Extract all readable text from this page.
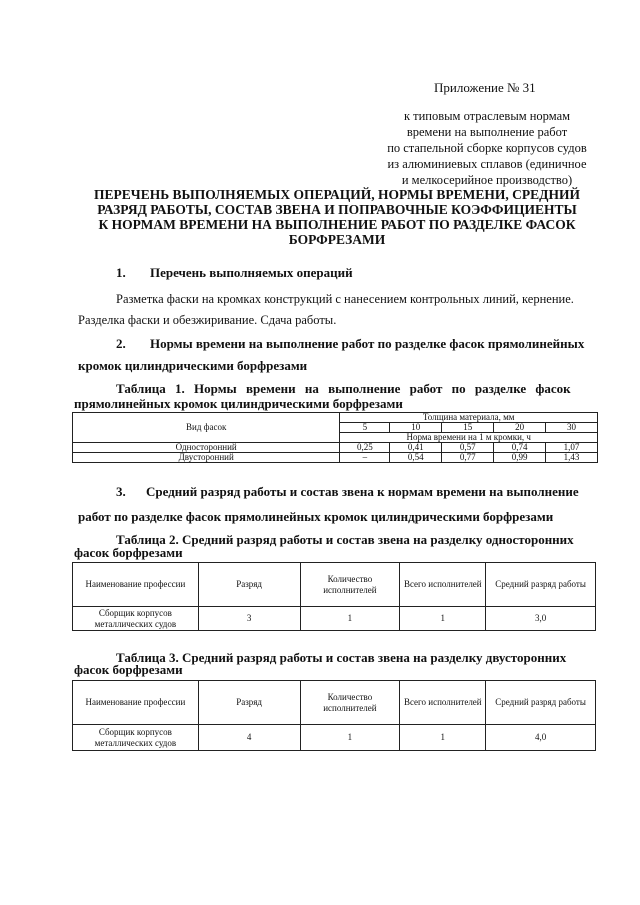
Приложение № 31
к типовым отраслевым нормам
времени на выполнение работ
по стапельной сборке корпусов судов
из алюминиевых сплавов (единичное
и мелкосерийное производство)
ПЕРЕЧЕНЬ ВЫПОЛНЯЕМЫХ ОПЕРАЦИЙ, НОРМЫ ВРЕМЕНИ, СРЕДНИЙ
РАЗРЯД РАБОТЫ, СОСТАВ ЗВЕНА И ПОПРАВОЧНЫЕ КОЭФФИЦИЕНТЫ
К НОРМАМ ВРЕМЕНИ НА ВЫПОЛНЕНИЕ РАБОТ ПО РАЗДЕЛКЕ ФАСОК
БОРФРЕЗАМИ
1. Перечень выполняемых операций
Разметка фаски на кромках конструкций с нанесением контрольных линий, кернение.
Разделка фаски и обезжиривание. Сдача работы.
2. Нормы времени на выполнение работ по разделке фасок прямолинейных
кромок цилиндрическими борфрезами
Таблица 1. Нормы времени на выполнение работ по разделке фасок
прямолинейных кромок цилиндрическими борфрезами
Вид фасок	Толщина материала, мм				
	5	10	15	20	30
	Норма времени на 1 м кромки, ч				
Односторонний	0,25	0,41	0,57	0,74	1,07
Двусторонний	–	0,54	0,77	0,99	1,43
3. Средний разряд работы и состав звена к нормам времени на выполнение
работ по разделке фасок прямолинейных кромок цилиндрическими борфрезами
Таблица 2. Средний разряд работы и состав звена на разделку односторонних
фасок борфрезами
Наименование профессии	Разряд	Количество исполнителей	Всего исполнителей	Средний разряд работы
Сборщик корпусов металлических судов	3	1	1	3,0
Таблица 3. Средний разряд работы и состав звена на разделку двусторонних
фасок борфрезами
Наименование профессии	Разряд	Количество исполнителей	Всего исполнителей	Средний разряд работы
Сборщик корпусов металлических судов	4	1	1	4,0
